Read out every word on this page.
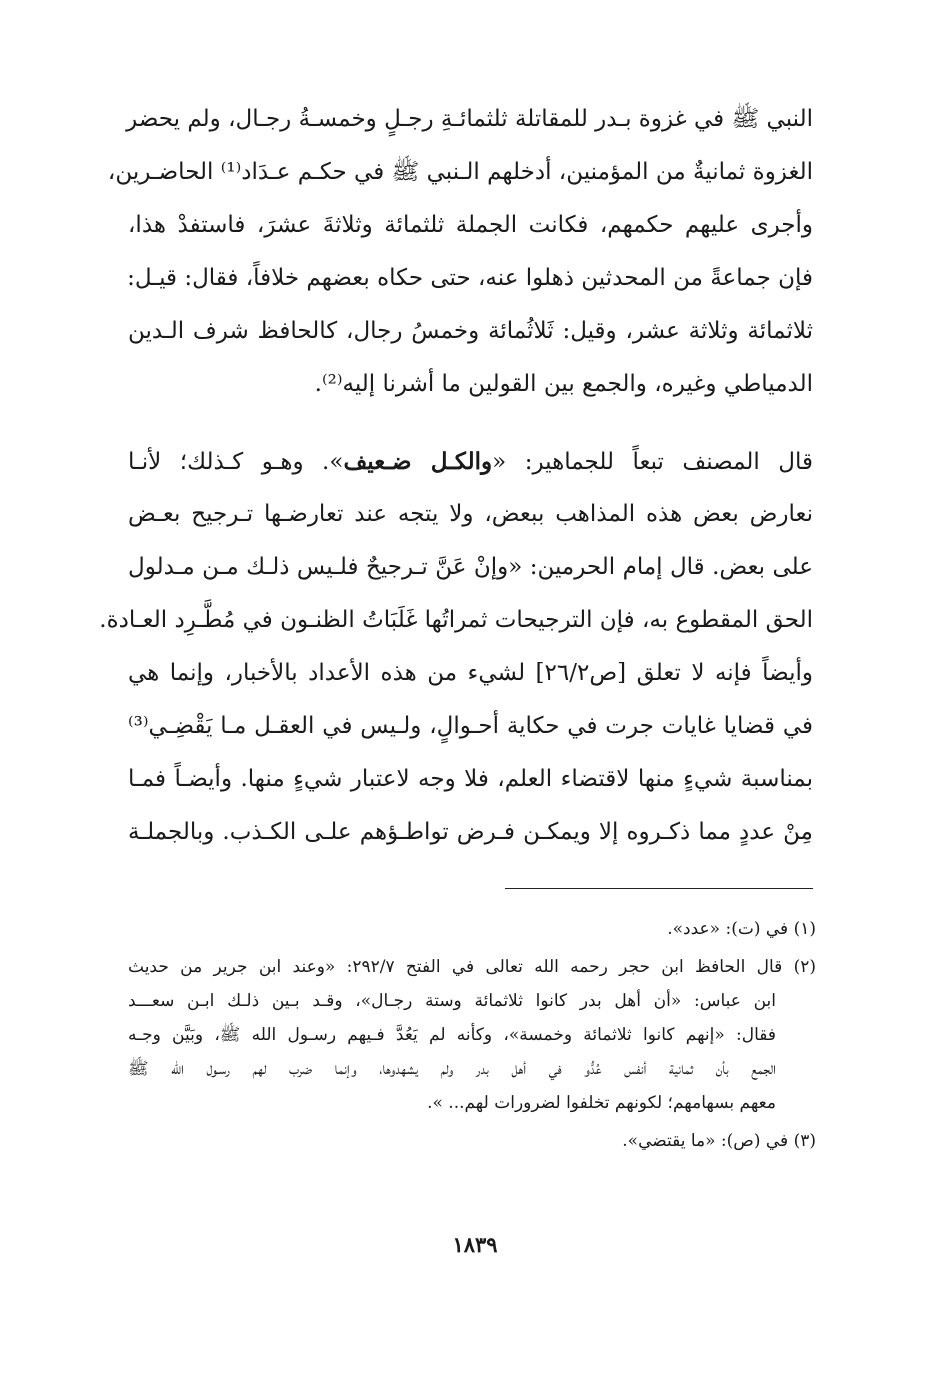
النبي ﷺ في غزوة بـدر للمقاتلة ثلثمائـةِ رجـلٍ وخمسـةُ رجـال، ولم يحضر
الغزوة ثمانيةٌ من المؤمنين، أدخلهم الـنبي ﷺ في حكـم عـدَاد⁽¹⁾ الحاضـرين،
وأجرى عليهم حكمهم، فكانت الجملة ثلثمائة وثلاثةَ عشرَ، فاستفدْ هذا،
فإن جماعةً من المحدثين ذهلوا عنه، حتى حكاه بعضهم خلافاً، فقال: قيـل:
ثلاثمائة وثلاثة عشر، وقيل: ثَلاثُمائة وخمسُ رجال، كالحافظ شرف الـدين
الدمياطي وغيره، والجمع بين القولين ما أشرنا إليه⁽²⁾.
قال المصنف تبعاً للجماهير: «والكـل ضـعيف». وهـو كـذلك؛ لأنـا
نعارض بعض هذه المذاهب ببعض، ولا يتجه عند تعارضـها تـرجيح بعـض
على بعض. قال إمام الحرمين: «وإنْ عَنَّ تـرجيحٌ فلـيس ذلـك مـن مـدلول
الحق المقطوع به، فإن الترجيحات ثمراتُها غَلَبَاتُ الظنـون في مُطَّـرِد العـادة.
وأيضاً فإنه لا تعلق [ص٢٦/٢] لشيء من هذه الأعداد بالأخبار، وإنما هي
في قضايا غايات جرت في حكاية أحـوالٍ، ولـيس في العقـل مـا يَقْضِـي⁽³⁾
بمناسبة شيءٍ منها لاقتضاء العلم، فلا وجه لاعتبار شيءٍ منها. وأيضـاً فمـا
مِنْ عددٍ مما ذكـروه إلا ويمكـن فـرض تواطـؤهم علـى الكـذب. وبالجملـة
(١) في (ت): «عدد».
(٢) قال الحافظ ابن حجر رحمه الله تعالى في الفتح ٢٩٢/٧: «وعند ابن جرير من حديث
ابن عباس: «أن أهل بدر كانوا ثلاثمائة وستة رجـال»، وقـد بـين ذلـك ابـن سعـــد
فقال: «إنهم كانوا ثلاثمائة وخمسة»، وكأنه لم يَعُدَّ فـيهم رسـول الله ﷺ، وبَيَّن وجـه
الجمع بأن ثمانية أنفس عُدُّو في أهل بدر ولم يشهدوها، وإنما ضرب لهم رسـول الله ﷺ
معهم بسهامهم؛ لكونهم تخلفوا لضرورات لهم... ».
(٣) في (ص): «ما يقتضي».
١٨٣٩
